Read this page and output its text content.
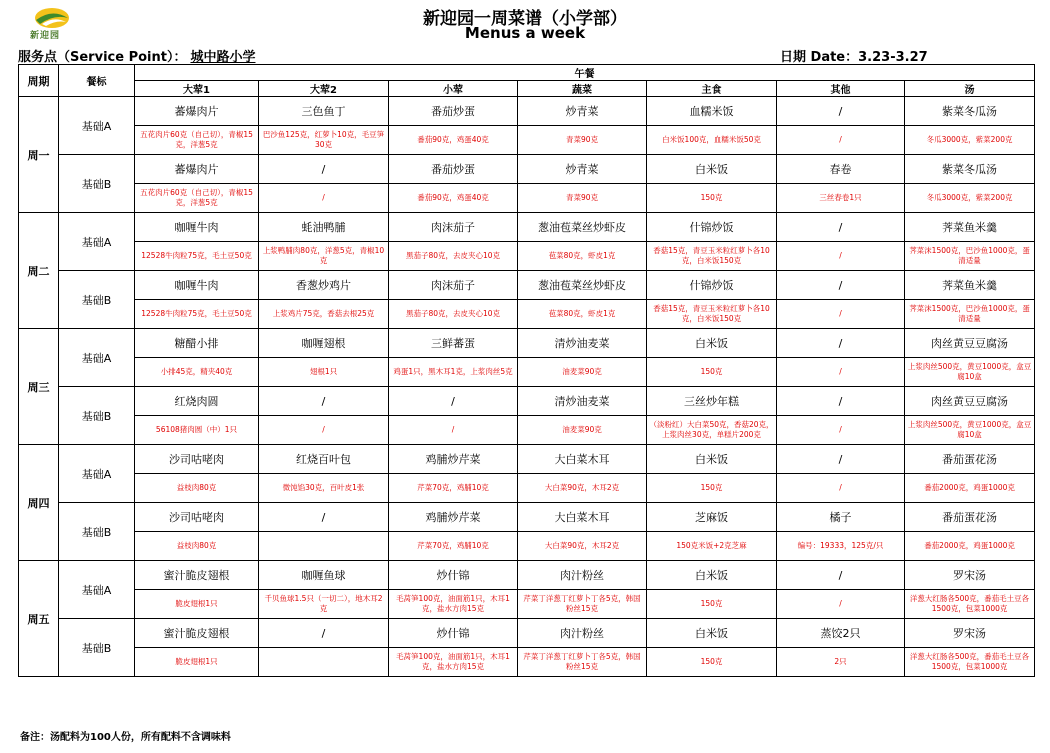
新迎园
新迎园一周菜谱（小学部）
Menus a week
服务点（Service Point）： 城中路小学	日期 Date：3.23-3.27
周期	餐标	午餐						
		大荤1	大荤2	小荤	蔬菜	主食	其他	汤
周一	基础A	蕃爆肉片	三色鱼丁	番茄炒蛋	炒青菜	血糯米饭	/	紫菜冬瓜汤
		五花肉片60克（自己切），青椒15克，洋葱5克	巴沙鱼125克，红萝卜10克，毛豆笋30克	番茄90克，鸡蛋40克	青菜90克	白米饭100克，血糯米饭50克	/	冬瓜3000克，紫菜200克
	基础B	蕃爆肉片	/	番茄炒蛋	炒青菜	白米饭	春卷	紫菜冬瓜汤
		五花肉片60克（自己切），青椒15克，洋葱5克	/	番茄90克，鸡蛋40克	青菜90克	150克	三丝春卷1只	冬瓜3000克，紫菜200克
周二	基础A	咖喱牛肉	蚝油鸭脯	肉沫茄子	葱油苞菜丝炒虾皮	什锦炒饭	/	荠菜鱼米羹
		12528牛肉粒75克，毛土豆50克	上浆鸭脯肉80克，洋葱5克，青椒10克	黑茄子80克，去皮夹心10克	苞菜80克，虾皮1克	香菇15克，青豆玉米粒红萝卜各10克，白米饭150克	/	荠菜沫1500克，巴沙鱼1000克，蛋清适量
	基础B	咖喱牛肉	香葱炒鸡片	肉沫茄子	葱油苞菜丝炒虾皮	什锦炒饭	/	荠菜鱼米羹
		12528牛肉粒75克，毛土豆50克	上浆鸡片75克，香菇去根25克	黑茄子80克，去皮夹心10克	苞菜80克，虾皮1克	香菇15克，青豆玉米粒红萝卜各10克，白米饭150克	/	荠菜沫1500克，巴沙鱼1000克，蛋清适量
周三	基础A	糖醋小排	咖喱翅根	三鲜蕃蛋	清炒油麦菜	白米饭	/	肉丝黄豆豆腐汤
		小排45克，精夹40克	翅根1只	鸡蛋1只，黑木耳1克，上浆肉丝5克	油麦菜90克	150克	/	上浆肉丝500克，黄豆1000克，盒豆腐10盒
	基础B	红烧肉圆	/	/	清炒油麦菜	三丝炒年糕	/	肉丝黄豆豆腐汤
		56108猪肉圆（中）1只	/	/	油麦菜90克	（淡粉红）大白菜50克，香菇20克，上浆肉丝30克，单糕片200克	/	上浆肉丝500克，黄豆1000克，盒豆腐10盒
周四	基础A	沙司咕咾肉	红烧百叶包	鸡脯炒芹菜	大白菜木耳	白米饭	/	番茄蛋花汤
		益枝肉80克	微饨馅30克，百叶皮1张	芹菜70克，鸡脯10克	大白菜90克，木耳2克	150克	/	番茄2000克，鸡蛋1000克
	基础B	沙司咕咾肉	/	鸡脯炒芹菜	大白菜木耳	芝麻饭	橘子	番茄蛋花汤
		益枝肉80克		芹菜70克，鸡脯10克	大白菜90克，木耳2克	150克米饭+2克芝麻	编号：19333，125克/只	番茄2000克，鸡蛋1000克
周五	基础A	蜜汁脆皮翅根	咖喱鱼球	炒什锦	肉汁粉丝	白米饭	/	罗宋汤
		脆皮翅根1只	千贝鱼球1.5只（一切二），地木耳2克	毛莴笋100克，油面筋1只，木耳1克，盐水方肉15克	芹菜丁洋葱丁红萝卜丁各5克，韩国粉丝15克	150克	/	洋葱大红肠各500克，番茄毛土豆各1500克，包菜1000克
	基础B	蜜汁脆皮翅根	/	炒什锦	肉汁粉丝	白米饭	蒸饺2只	罗宋汤
		脆皮翅根1只		毛莴笋100克，油面筋1只，木耳1克，盐水方肉15克	芹菜丁洋葱丁红萝卜丁各5克，韩国粉丝15克	150克	2只	洋葱大红肠各500克，番茄毛土豆各1500克，包菜1000克
备注：汤配料为100人份，所有配料不含调味料
